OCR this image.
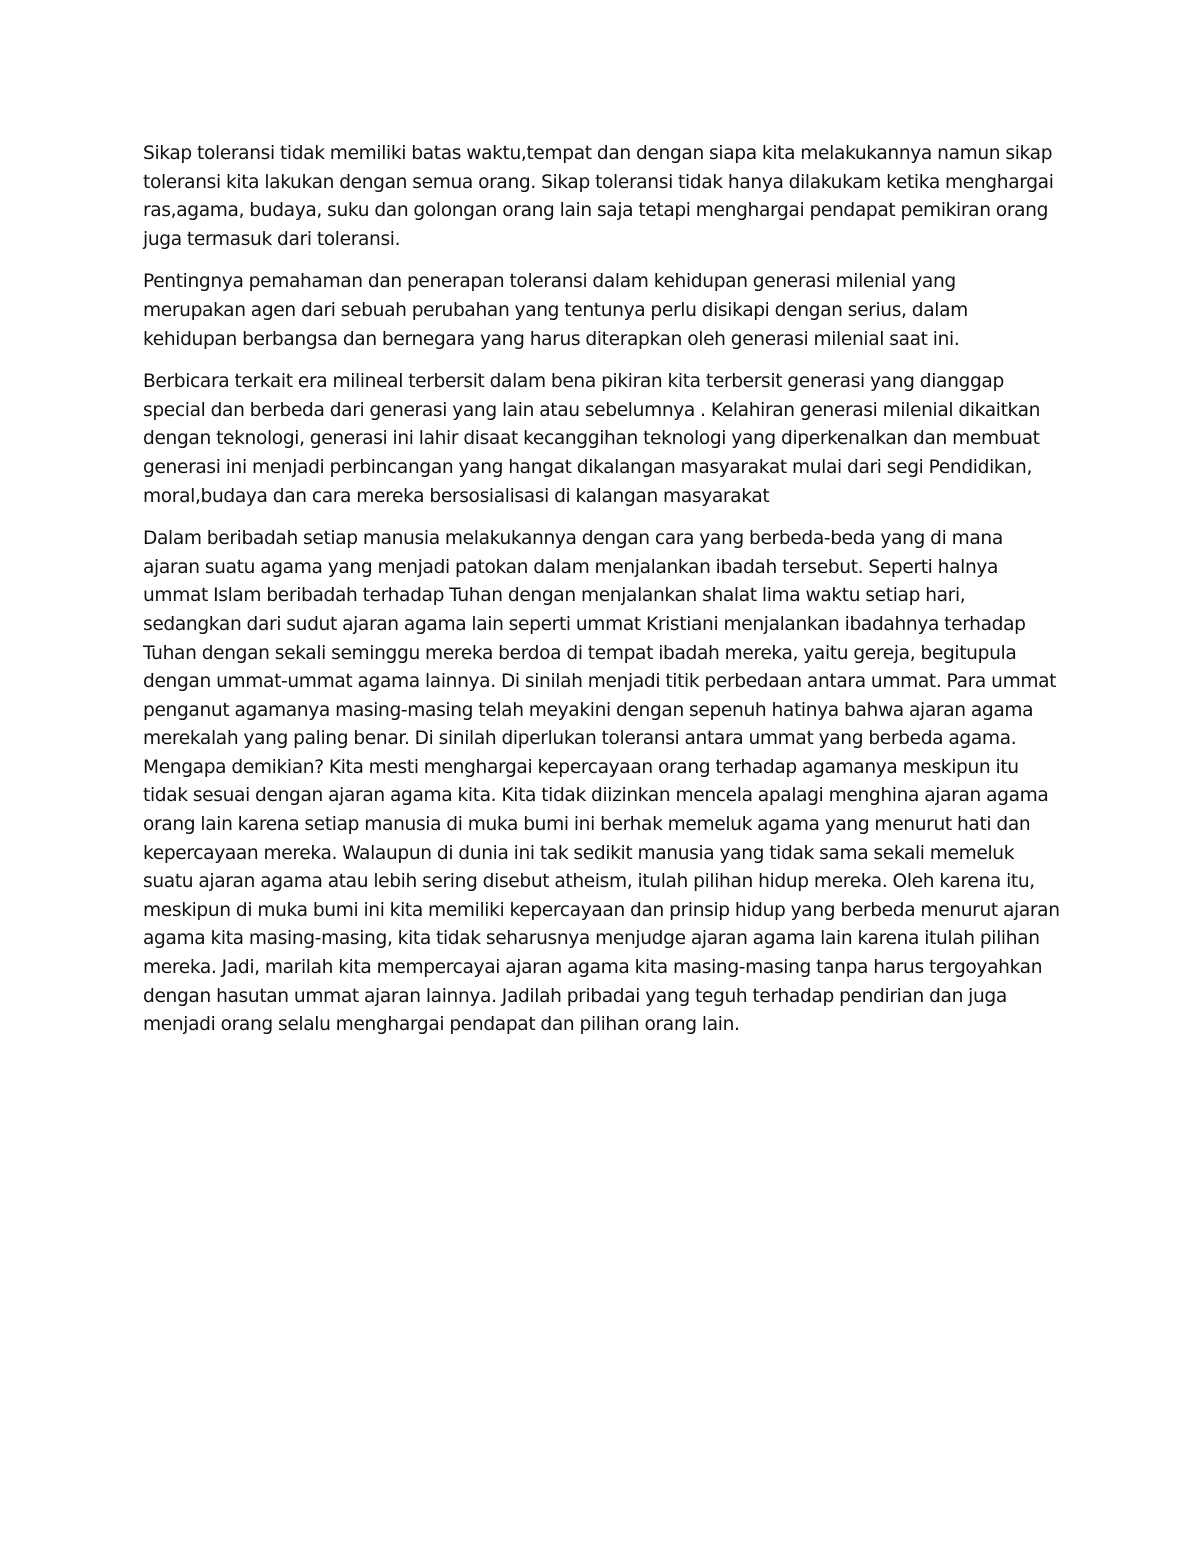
Sikap toleransi tidak memiliki batas waktu,tempat dan dengan siapa kita melakukannya namun sikap toleransi kita lakukan dengan semua orang. Sikap toleransi tidak hanya dilakukam ketika menghargai ras,agama, budaya, suku dan golongan orang lain saja tetapi menghargai pendapat pemikiran orang juga termasuk dari toleransi.

Pentingnya pemahaman dan penerapan toleransi dalam kehidupan generasi milenial yang merupakan agen dari sebuah perubahan yang tentunya perlu disikapi dengan serius, dalam kehidupan berbangsa dan bernegara yang harus diterapkan oleh generasi milenial saat ini.

Berbicara terkait era milineal terbersit dalam bena pikiran kita terbersit generasi yang dianggap special dan berbeda dari generasi yang lain atau sebelumnya . Kelahiran generasi milenial dikaitkan dengan teknologi, generasi ini lahir disaat kecanggihan teknologi yang diperkenalkan dan membuat generasi ini menjadi perbincangan yang hangat dikalangan masyarakat mulai dari segi Pendidikan, moral,budaya dan cara mereka bersosialisasi di kalangan masyarakat

Dalam beribadah setiap manusia melakukannya dengan cara yang berbeda-beda yang di mana ajaran suatu agama yang menjadi patokan dalam menjalankan ibadah tersebut. Seperti halnya ummat Islam beribadah terhadap Tuhan dengan menjalankan shalat lima waktu setiap hari, sedangkan dari sudut ajaran agama lain seperti ummat Kristiani menjalankan ibadahnya terhadap Tuhan dengan sekali seminggu mereka berdoa di tempat ibadah mereka, yaitu gereja, begitupula dengan ummat-ummat agama lainnya. Di sinilah menjadi titik perbedaan antara ummat. Para ummat penganut agamanya masing-masing telah meyakini dengan sepenuh hatinya bahwa ajaran agama merekalah yang paling benar. Di sinilah diperlukan toleransi antara ummat yang berbeda agama. Mengapa demikian? Kita mesti menghargai kepercayaan orang terhadap agamanya meskipun itu tidak sesuai dengan ajaran agama kita. Kita tidak diizinkan mencela apalagi menghina ajaran agama orang lain karena setiap manusia di muka bumi ini berhak memeluk agama yang menurut hati dan kepercayaan mereka. Walaupun di dunia ini tak sedikit manusia yang tidak sama sekali memeluk suatu ajaran agama atau lebih sering disebut atheism, itulah pilihan hidup mereka. Oleh karena itu, meskipun di muka bumi ini kita memiliki kepercayaan dan prinsip hidup yang berbeda menurut ajaran agama kita masing-masing, kita tidak seharusnya menjudge ajaran agama lain karena itulah pilihan mereka. Jadi, marilah kita mempercayai ajaran agama kita masing-masing tanpa harus tergoyahkan dengan hasutan ummat ajaran lainnya. Jadilah pribadai yang teguh terhadap pendirian dan juga menjadi orang selalu menghargai pendapat dan pilihan orang lain.
